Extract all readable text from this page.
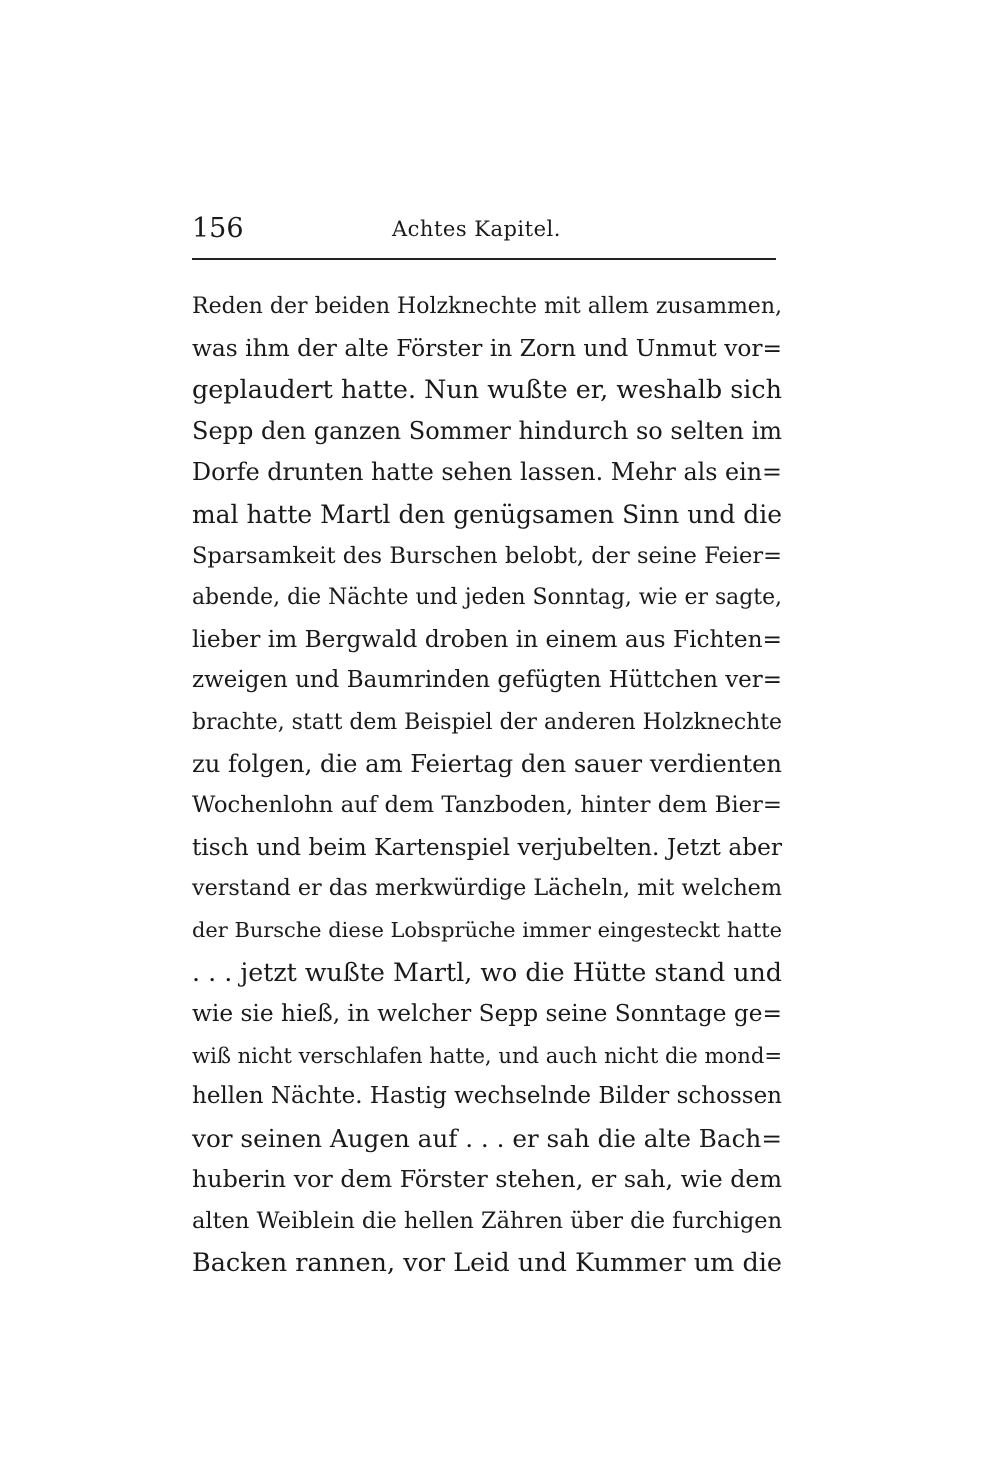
156	Achtes Kapitel.
Reden der beiden Holzknechte mit allem zusammen,
was ihm der alte Förster in Zorn und Unmut vor=
geplaudert hatte. Nun wußte er, weshalb sich
Sepp den ganzen Sommer hindurch so selten im
Dorfe drunten hatte sehen lassen. Mehr als ein=
mal hatte Martl den genügsamen Sinn und die
Sparsamkeit des Burschen belobt, der seine Feier=
abende, die Nächte und jeden Sonntag, wie er sagte,
lieber im Bergwald droben in einem aus Fichten=
zweigen und Baumrinden gefügten Hüttchen ver=
brachte, statt dem Beispiel der anderen Holzknechte
zu folgen, die am Feiertag den sauer verdienten
Wochenlohn auf dem Tanzboden, hinter dem Bier=
tisch und beim Kartenspiel verjubelten. Jetzt aber
verstand er das merkwürdige Lächeln, mit welchem
der Bursche diese Lobsprüche immer eingesteckt hatte
. . . jetzt wußte Martl, wo die Hütte stand und
wie sie hieß, in welcher Sepp seine Sonntage ge=
wiß nicht verschlafen hatte, und auch nicht die mond=
hellen Nächte. Hastig wechselnde Bilder schossen
vor seinen Augen auf . . . er sah die alte Bach=
huberin vor dem Förster stehen, er sah, wie dem
alten Weiblein die hellen Zähren über die furchigen
Backen rannen, vor Leid und Kummer um die
